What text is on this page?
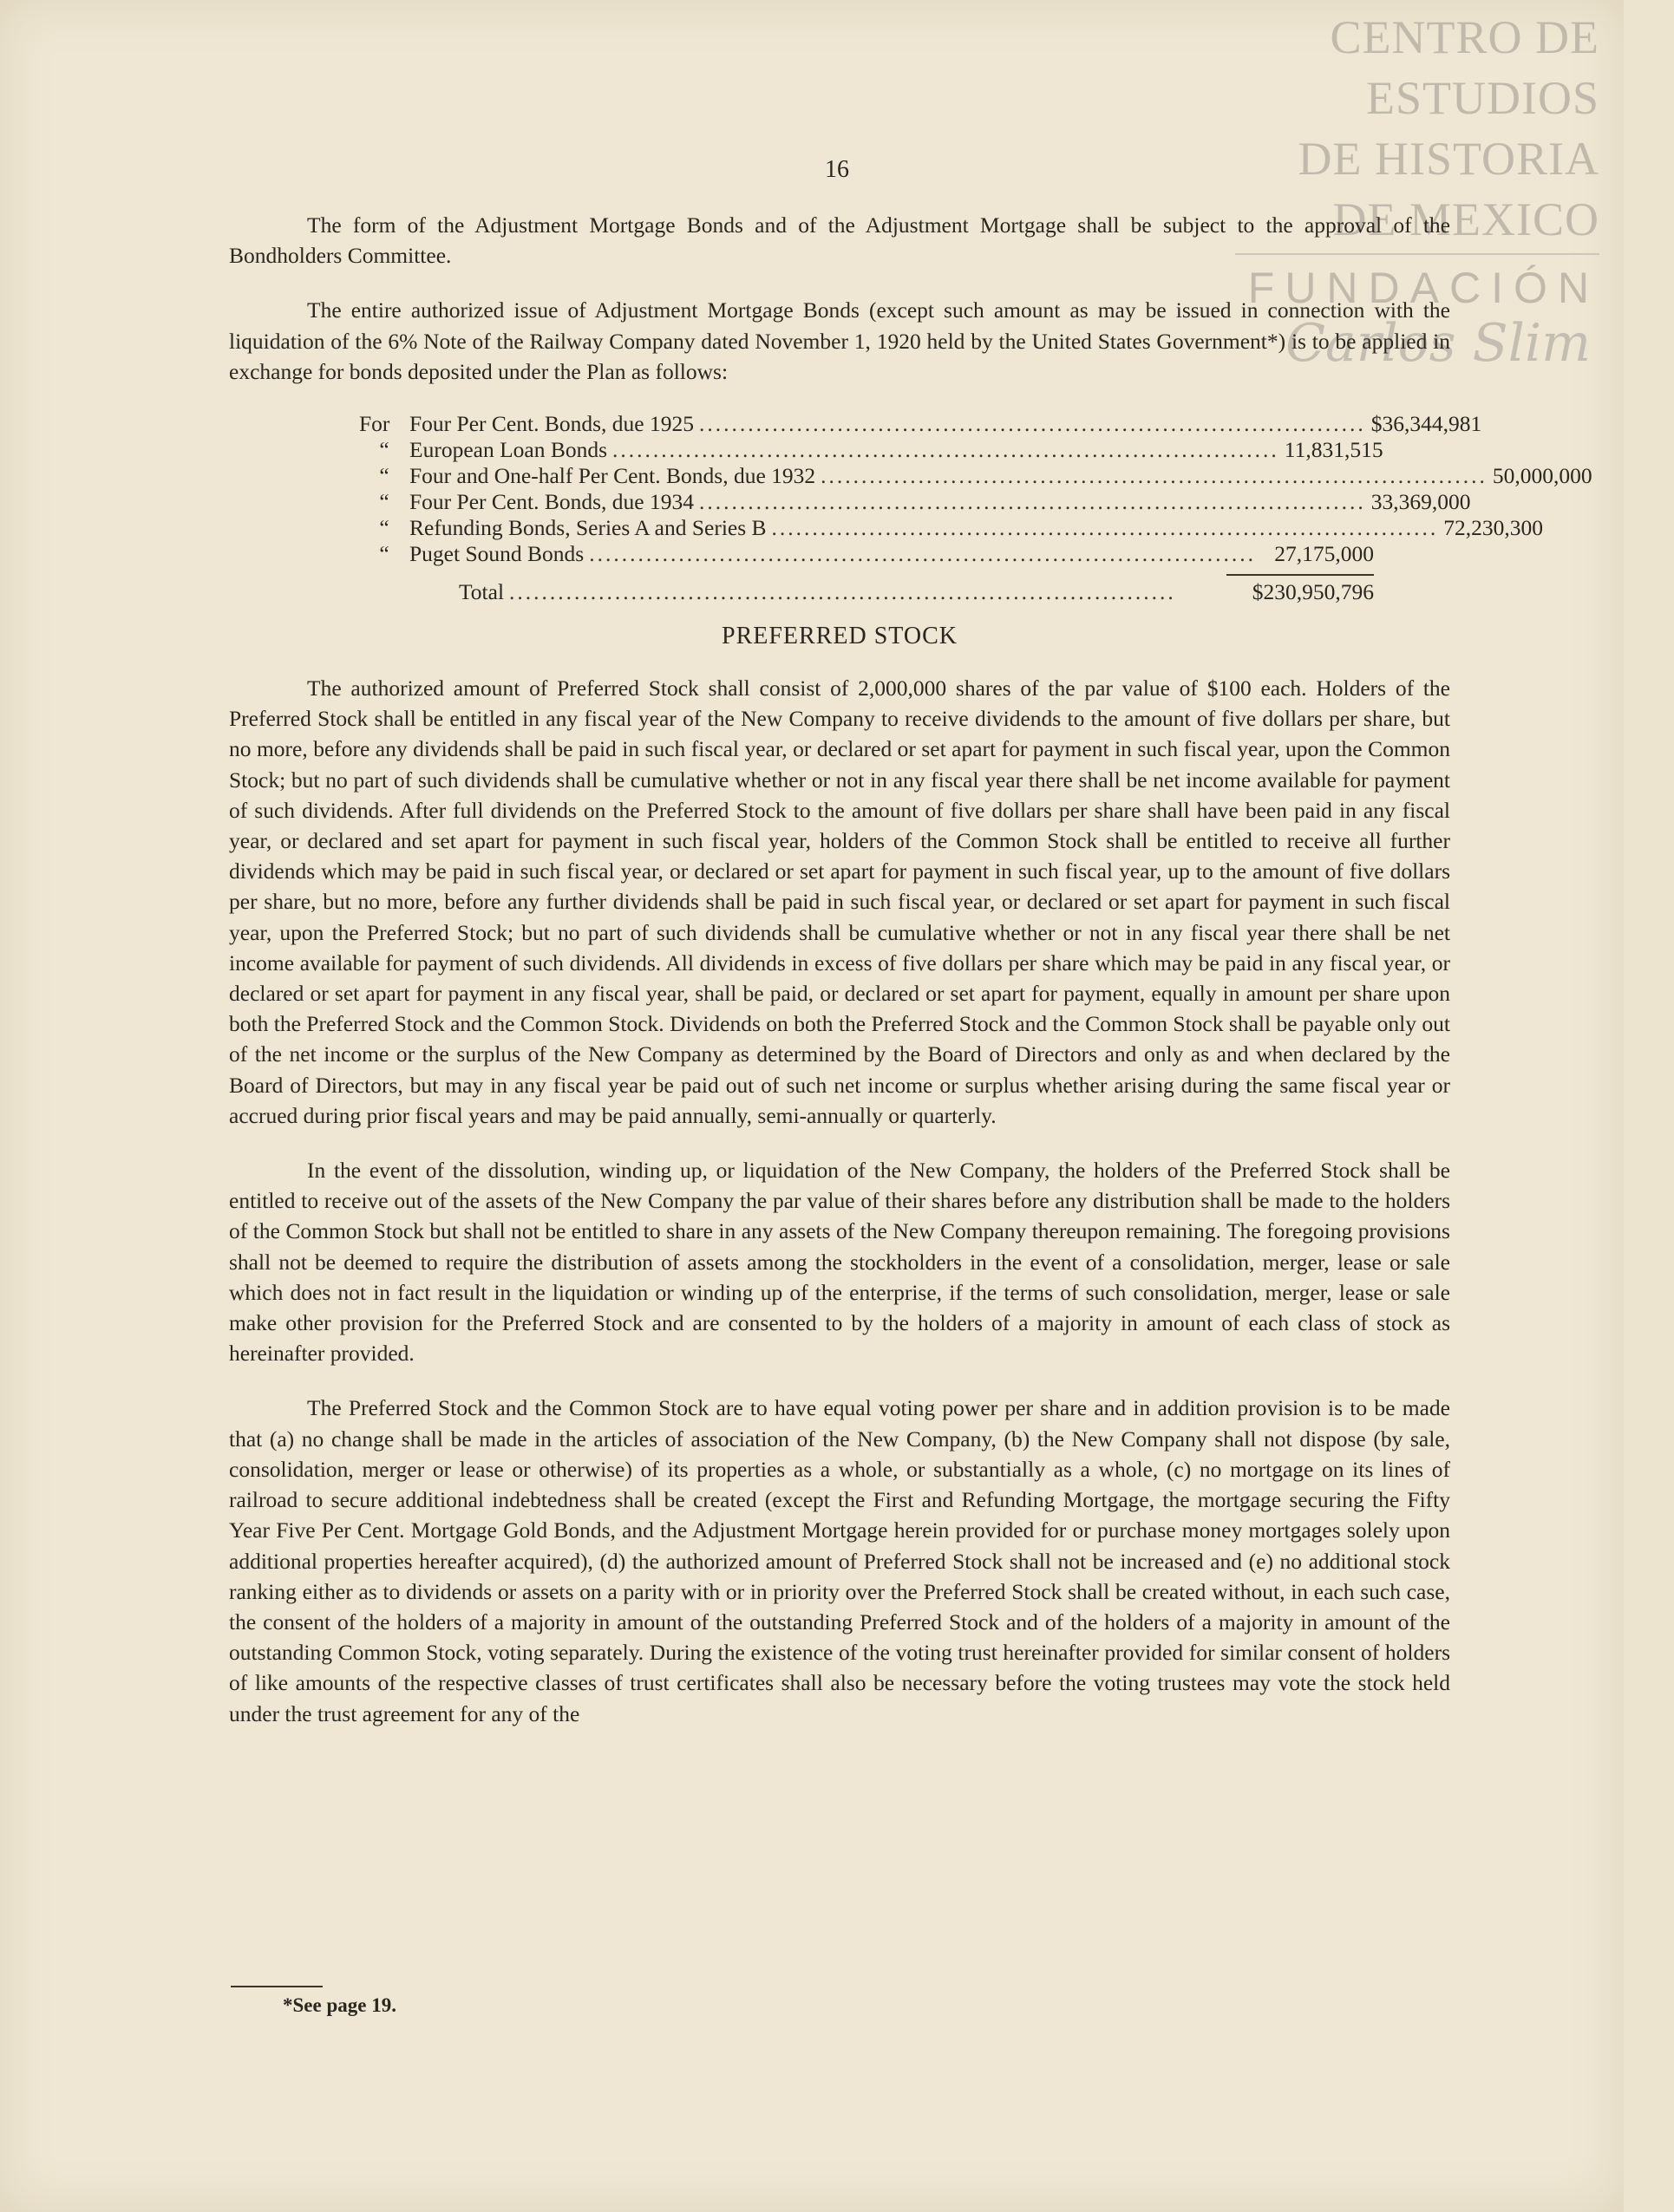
CENTRO DE
ESTUDIOS
DE HISTORIA
DE MEXICO
FUNDACIÓN
Carlos Slim
16

The form of the Adjustment Mortgage Bonds and of the Adjustment Mortgage shall be subject to the approval of the Bondholders Committee.

The entire authorized issue of Adjustment Mortgage Bonds (except such amount as may be issued in connection with the liquidation of the 6% Note of the Railway Company dated November 1, 1920 held by the United States Government*) is to be applied in exchange for bonds deposited under the Plan as follows:

For Four Per Cent. Bonds, due 1925 .................................................................................. $36,344,981
“ European Loan Bonds .................................................................................. 11,831,515
“ Four and One-half Per Cent. Bonds, due 1932 .................................................................................. 50,000,000
“ Four Per Cent. Bonds, due 1934 .................................................................................. 33,369,000
“ Refunding Bonds, Series A and Series B .................................................................................. 72,230,300
“ Puget Sound Bonds .................................................................................. 27,175,000
Total ..................................................................................	$230,950,796
PREFERRED STOCK

The authorized amount of Preferred Stock shall consist of 2,000,000 shares of the par value of $100 each. Holders of the Preferred Stock shall be entitled in any fiscal year of the New Company to receive dividends to the amount of five dollars per share, but no more, before any dividends shall be paid in such fiscal year, or declared or set apart for payment in such fiscal year, upon the Common Stock; but no part of such dividends shall be cumulative whether or not in any fiscal year there shall be net income available for payment of such dividends. After full dividends on the Preferred Stock to the amount of five dollars per share shall have been paid in any fiscal year, or declared and set apart for payment in such fiscal year, holders of the Common Stock shall be entitled to receive all further dividends which may be paid in such fiscal year, or declared or set apart for payment in such fiscal year, up to the amount of five dollars per share, but no more, before any further dividends shall be paid in such fiscal year, or declared or set apart for payment in such fiscal year, upon the Preferred Stock; but no part of such dividends shall be cumulative whether or not in any fiscal year there shall be net income available for payment of such dividends. All dividends in excess of five dollars per share which may be paid in any fiscal year, or declared or set apart for payment in any fiscal year, shall be paid, or declared or set apart for payment, equally in amount per share upon both the Preferred Stock and the Common Stock. Dividends on both the Preferred Stock and the Common Stock shall be payable only out of the net income or the surplus of the New Company as determined by the Board of Directors and only as and when declared by the Board of Directors, but may in any fiscal year be paid out of such net income or surplus whether arising during the same fiscal year or accrued during prior fiscal years and may be paid annually, semi-annually or quarterly.

In the event of the dissolution, winding up, or liquidation of the New Company, the holders of the Preferred Stock shall be entitled to receive out of the assets of the New Company the par value of their shares before any distribution shall be made to the holders of the Common Stock but shall not be entitled to share in any assets of the New Company thereupon remaining. The foregoing provisions shall not be deemed to require the distribution of assets among the stockholders in the event of a consolidation, merger, lease or sale which does not in fact result in the liquidation or winding up of the enterprise, if the terms of such consolidation, merger, lease or sale make other provision for the Preferred Stock and are consented to by the holders of a majority in amount of each class of stock as hereinafter provided.

The Preferred Stock and the Common Stock are to have equal voting power per share and in addition provision is to be made that (a) no change shall be made in the articles of association of the New Company, (b) the New Company shall not dispose (by sale, consolidation, merger or lease or otherwise) of its properties as a whole, or substantially as a whole, (c) no mortgage on its lines of railroad to secure additional indebtedness shall be created (except the First and Refunding Mortgage, the mortgage securing the Fifty Year Five Per Cent. Mortgage Gold Bonds, and the Adjustment Mortgage herein provided for or purchase money mortgages solely upon additional properties hereafter acquired), (d) the authorized amount of Preferred Stock shall not be increased and (e) no additional stock ranking either as to dividends or assets on a parity with or in priority over the Preferred Stock shall be created without, in each such case, the consent of the holders of a majority in amount of the outstanding Preferred Stock and of the holders of a majority in amount of the outstanding Common Stock, voting separately. During the existence of the voting trust hereinafter provided for similar consent of holders of like amounts of the respective classes of trust certificates shall also be necessary before the voting trustees may vote the stock held under the trust agreement for any of the

*See page 19.
